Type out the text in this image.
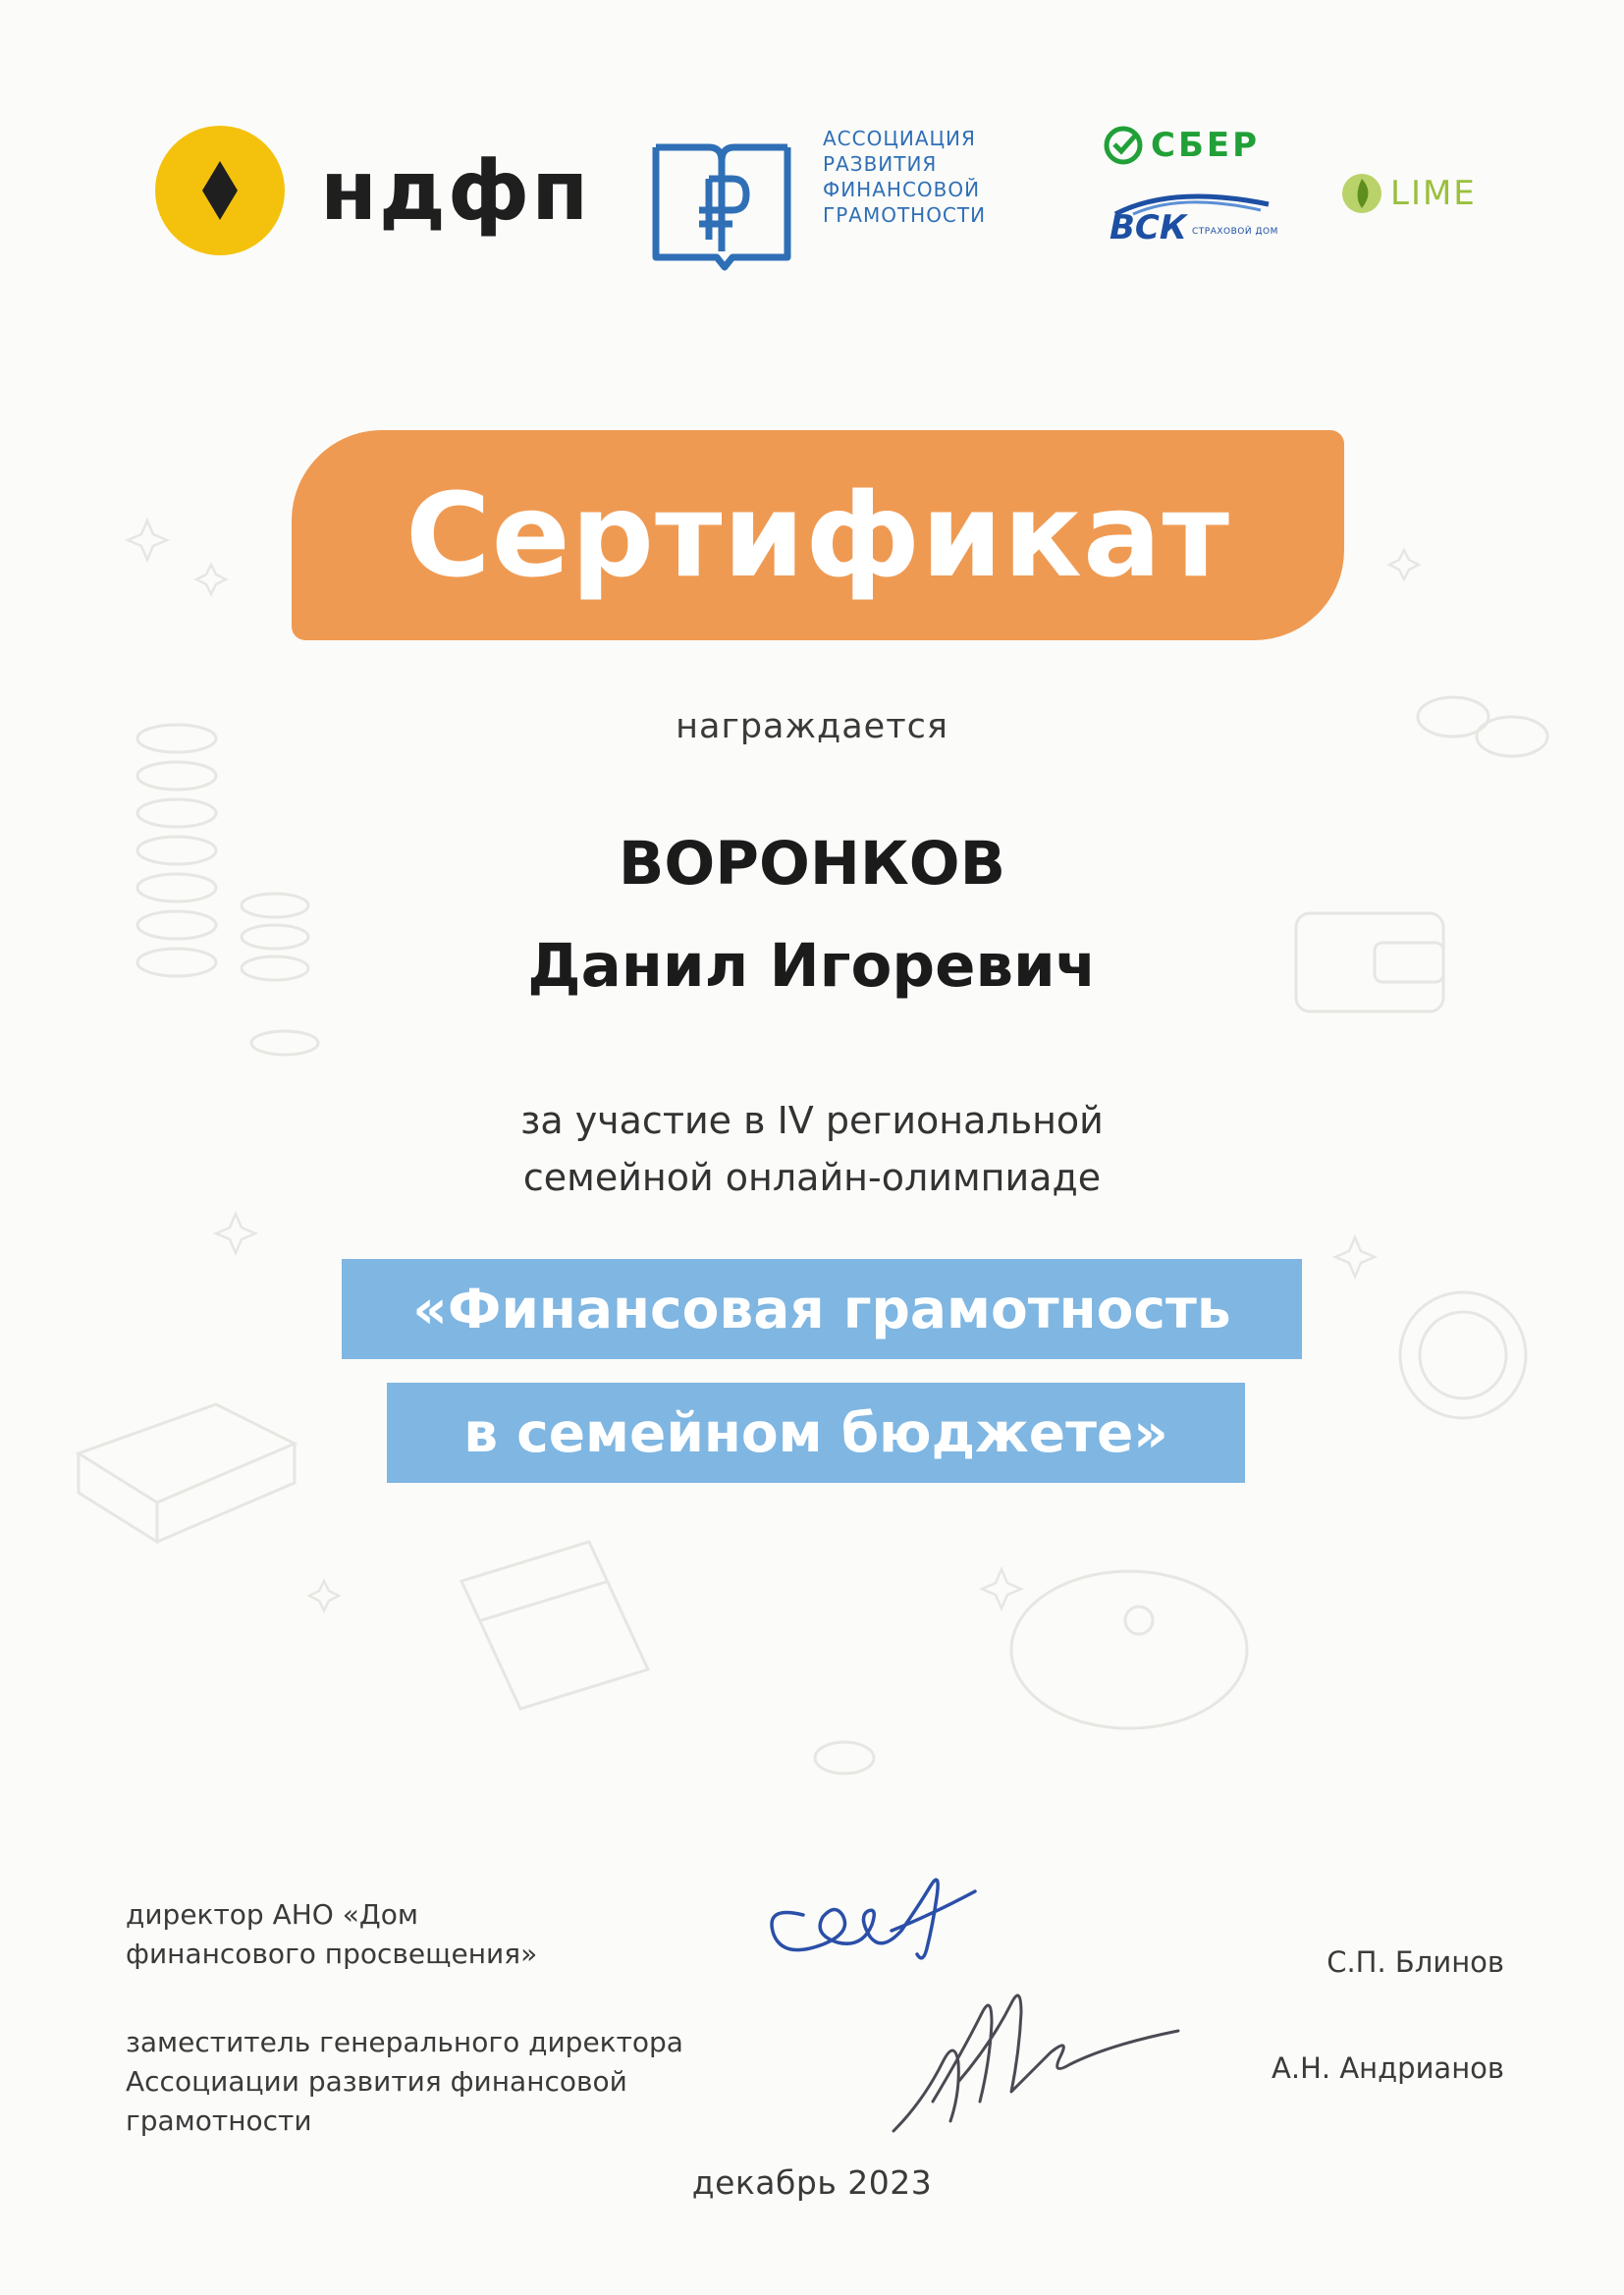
ндфп
АССОЦИАЦИЯ
РАЗВИТИЯ
ФИНАНСОВОЙ
ГРАМОТНОСТИ
СБЕР
ВСК СТРАХОВОЙ ДОМ
LIME
Сертификат
награждается
ВОРОНКОВ
Данил Игоревич
за участие в IV региональной
семейной онлайн-олимпиаде
«Финансовая грамотность
в семейном бюджете»
директор АНО «Дом
финансового просвещения»	С.П. Блинов
заместитель генерального директора
Ассоциации развития финансовой
грамотности
А.Н. Андрианов
декабрь 2023
